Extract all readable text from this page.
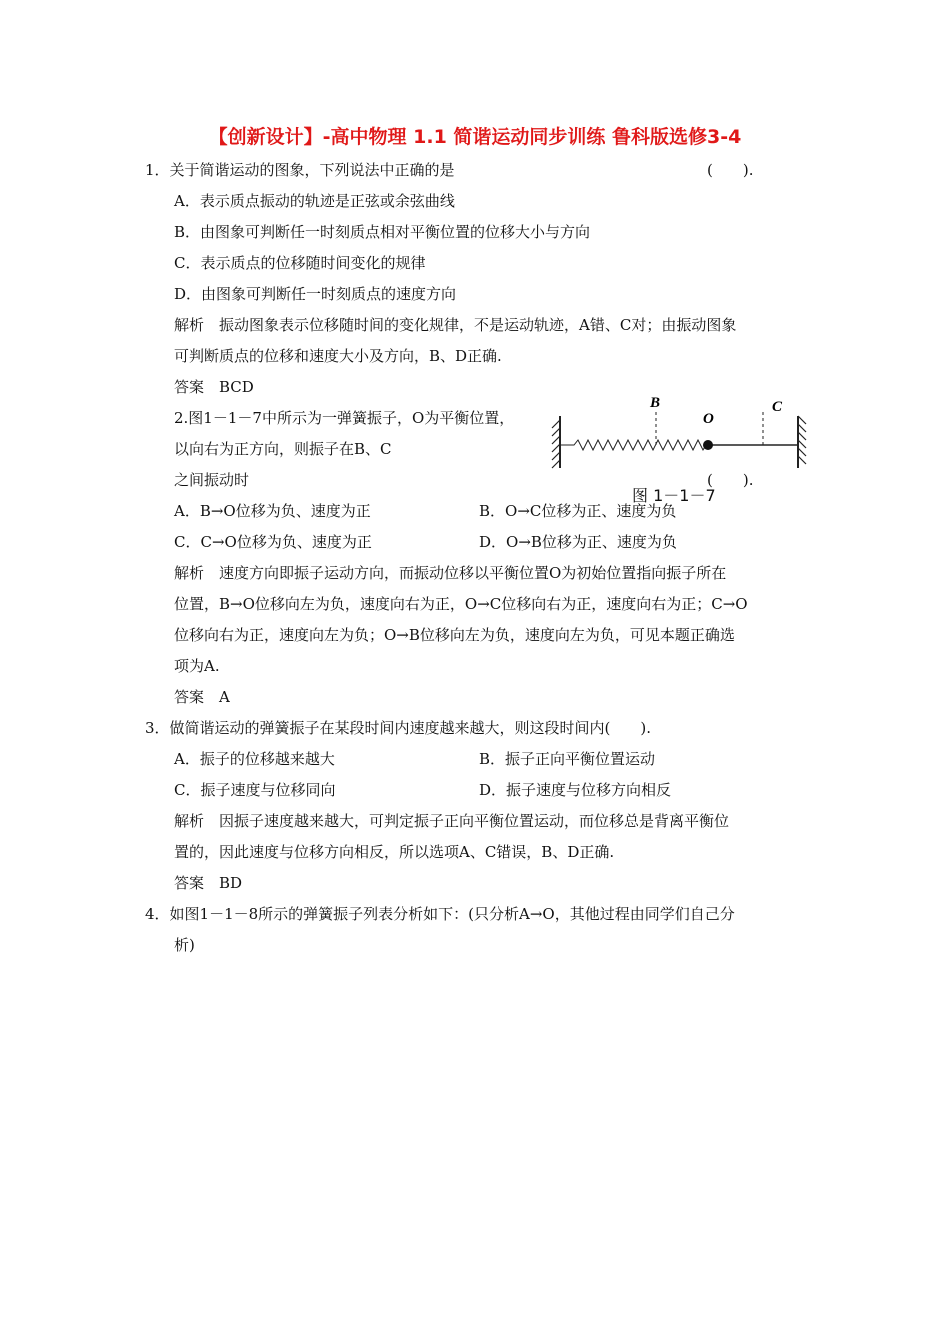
【创新设计】-高中物理 1.1 简谐运动同步训练 鲁科版选修3-4
1．关于简谐运动的图象，下列说法中正确的是	(　　).
A．表示质点振动的轨迹是正弦或余弦曲线
B．由图象可判断任一时刻质点相对平衡位置的位移大小与方向
C．表示质点的位移随时间变化的规律
D．由图象可判断任一时刻质点的速度方向
解析　振动图象表示位移随时间的变化规律，不是运动轨迹，A错、C对；由振动图象
可判断质点的位移和速度大小及方向，B、D正确.
答案　BCD
2.图1－1－7中所示为一弹簧振子，O为平衡位置，
以向右为正方向，则振子在B、C
之间振动时	(　　).
B
O
C
图 1－1－7
A．B→O位移为负、速度为正	B．O→C位移为正、速度为负
C．C→O位移为负、速度为正	D．O→B位移为正、速度为负
解析　速度方向即振子运动方向，而振动位移以平衡位置O为初始位置指向振子所在
位置，B→O位移向左为负，速度向右为正，O→C位移向右为正，速度向右为正；C→O
位移向右为正，速度向左为负；O→B位移向左为负，速度向左为负，可见本题正确选
项为A.
答案　A
3．做简谐运动的弹簧振子在某段时间内速度越来越大，则这段时间内(　　).
A．振子的位移越来越大	B．振子正向平衡位置运动
C．振子速度与位移同向	D．振子速度与位移方向相反
解析　因振子速度越来越大，可判定振子正向平衡位置运动，而位移总是背离平衡位
置的，因此速度与位移方向相反，所以选项A、C错误，B、D正确.
答案　BD
4．如图1－1－8所示的弹簧振子列表分析如下：(只分析A→O，其他过程由同学们自己分
析)
